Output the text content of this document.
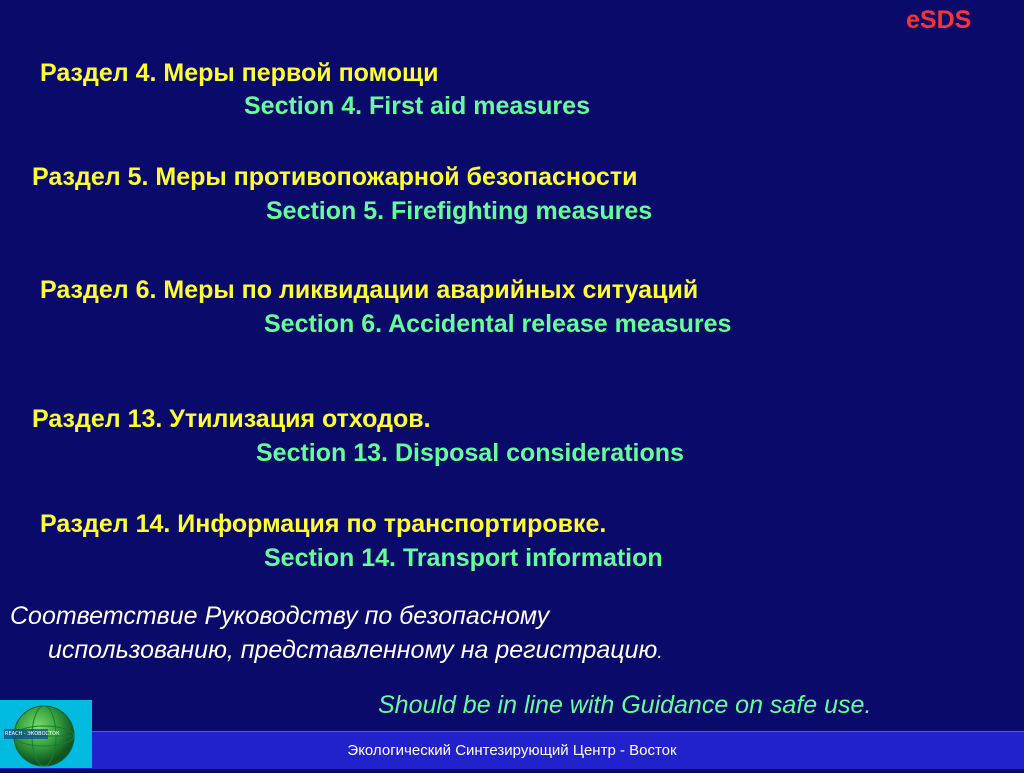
eSDS
Раздел 4. Меры первой помощи
Section 4. First aid measures
Раздел 5. Меры противопожарной безопасности
Section 5. Firefighting measures
Раздел 6. Меры по ликвидации аварийных ситуаций
Section 6. Accidental release measures
Раздел 13. Утилизация отходов.
Section 13. Disposal considerations
Раздел 14. Информация по транспортировке.
Section 14. Transport information
Соответствие Руководству по безопасному
использованию, представленному на регистрацию.
Should be in line with Guidance on safe use.
REACH - ЭКОВОСТОК
Экологический Синтезирующий Центр - Восток
